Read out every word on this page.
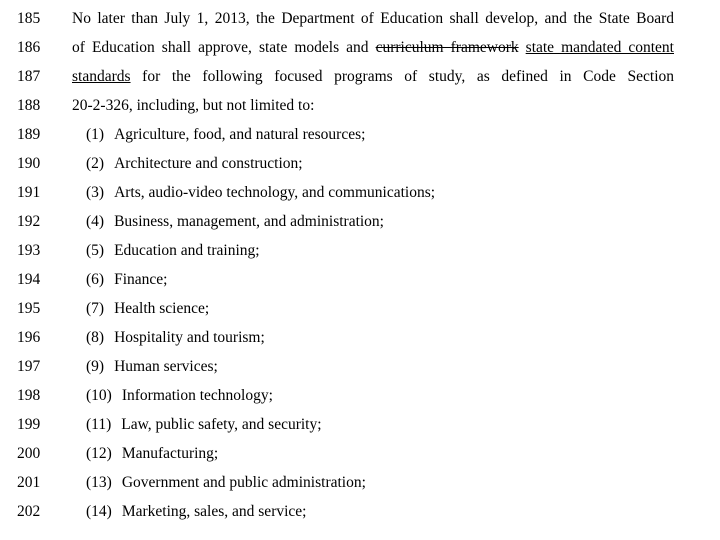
185 No later than July 1, 2013, the Department of Education shall develop, and the State Board
186 of Education shall approve, state models and curriculum framework state mandated content
187 standards for the following focused programs of study, as defined in Code Section
188 20-2-326, including, but not limited to:
189	(1) Agriculture, food, and natural resources;
190	(2) Architecture and construction;
191	(3) Arts, audio-video technology, and communications;
192	(4) Business, management, and administration;
193	(5) Education and training;
194	(6) Finance;
195	(7) Health science;
196	(8) Hospitality and tourism;
197	(9) Human services;
198	(10) Information technology;
199	(11) Law, public safety, and security;
200	(12) Manufacturing;
201	(13) Government and public administration;
202	(14) Marketing, sales, and service;
